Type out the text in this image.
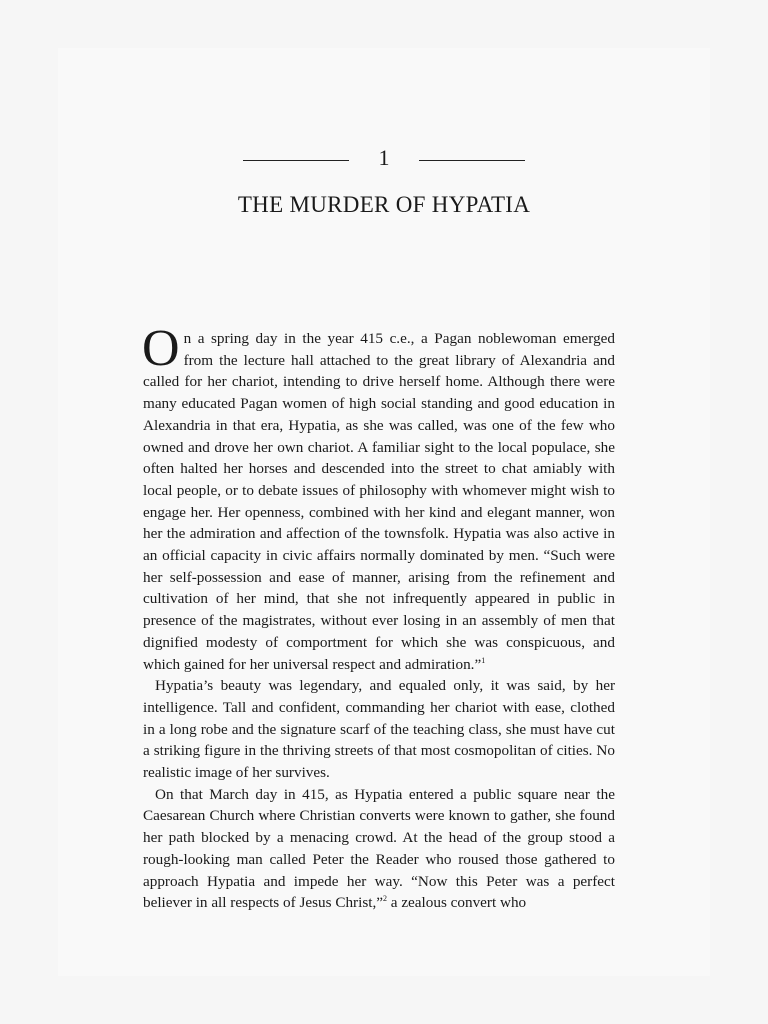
1
THE MURDER OF HYPATIA

On a spring day in the year 415 c.e., a Pagan noblewoman emerged from the lecture hall attached to the great library of Alexandria and called for her chariot, intending to drive herself home. Although there were many educated Pagan women of high social standing and good education in Alexandria in that era, Hypatia, as she was called, was one of the few who owned and drove her own chariot. A familiar sight to the local populace, she often halted her horses and descended into the street to chat amiably with local people, or to debate issues of philosophy with whomever might wish to engage her. Her openness, combined with her kind and elegant manner, won her the admiration and affection of the townsfolk. Hypatia was also active in an official capacity in civic affairs normally dominated by men. “Such were her self-possession and ease of manner, arising from the refinement and cultivation of her mind, that she not infrequently appeared in public in presence of the magistrates, without ever losing in an assembly of men that dignified modesty of comportment for which she was conspicuous, and which gained for her universal respect and admiration.”$^1$

Hypatia’s beauty was legendary, and equaled only, it was said, by her intelligence. Tall and confident, commanding her chariot with ease, clothed in a long robe and the signature scarf of the teaching class, she must have cut a striking figure in the thriving streets of that most cosmopolitan of cities. No realistic image of her survives.

On that March day in 415, as Hypatia entered a public square near the Caesarean Church where Christian converts were known to gather, she found her path blocked by a menacing crowd. At the head of the group stood a rough-looking man called Peter the Reader who roused those gathered to approach Hypatia and impede her way. “Now this Peter was a perfect believer in all respects of Jesus Christ,”$^2$ a zealous convert who
